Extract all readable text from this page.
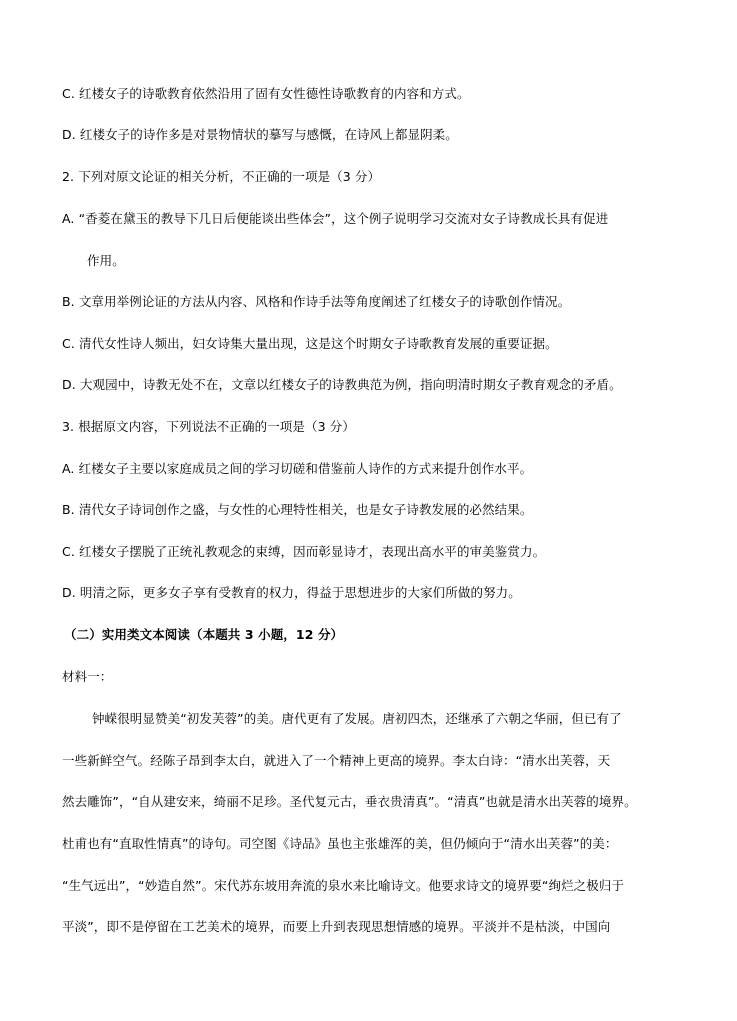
C. 红楼女子的诗歌教育依然沿用了固有女性德性诗歌教育的内容和方式。
D. 红楼女子的诗作多是对景物情状的摹写与感慨，在诗风上都显阴柔。
2. 下列对原文论证的相关分析，不正确的一项是（3 分）
A. “香菱在黛玉的教导下几日后便能谈出些体会”，这个例子说明学习交流对女子诗教成长具有促进
作用。
B. 文章用举例论证的方法从内容、风格和作诗手法等角度阐述了红楼女子的诗歌创作情况。
C. 清代女性诗人频出，妇女诗集大量出现，这是这个时期女子诗歌教育发展的重要证据。
D. 大观园中，诗教无处不在，文章以红楼女子的诗教典范为例，指向明清时期女子教育观念的矛盾。
3. 根据原文内容，下列说法不正确的一项是（3 分）
A. 红楼女子主要以家庭成员之间的学习切磋和借鉴前人诗作的方式来提升创作水平。
B. 清代女子诗词创作之盛，与女性的心理特性相关，也是女子诗教发展的必然结果。
C. 红楼女子摆脱了正统礼教观念的束缚，因而彰显诗才，表现出高水平的审美鉴赏力。
D. 明清之际，更多女子享有受教育的权力，得益于思想进步的大家们所做的努力。
（二）实用类文本阅读（本题共 3 小题，12 分）
材料一：
钟嵘很明显赞美“初发芙蓉”的美。唐代更有了发展。唐初四杰，还继承了六朝之华丽，但已有了
一些新鲜空气。经陈子昂到李太白，就进入了一个精神上更高的境界。李太白诗：“清水出芙蓉，天
然去雕饰”，“自从建安来，绮丽不足珍。圣代复元古，垂衣贵清真”。“清真”也就是清水出芙蓉的境界。
杜甫也有“直取性情真”的诗句。司空图《诗品》虽也主张雄浑的美，但仍倾向于“清水出芙蓉”的美：
“生气远出”，“妙造自然”。宋代苏东坡用奔流的泉水来比喻诗文。他要求诗文的境界要“绚烂之极归于
平淡”，即不是停留在工艺美术的境界，而要上升到表现思想情感的境界。平淡并不是枯淡，中国向
